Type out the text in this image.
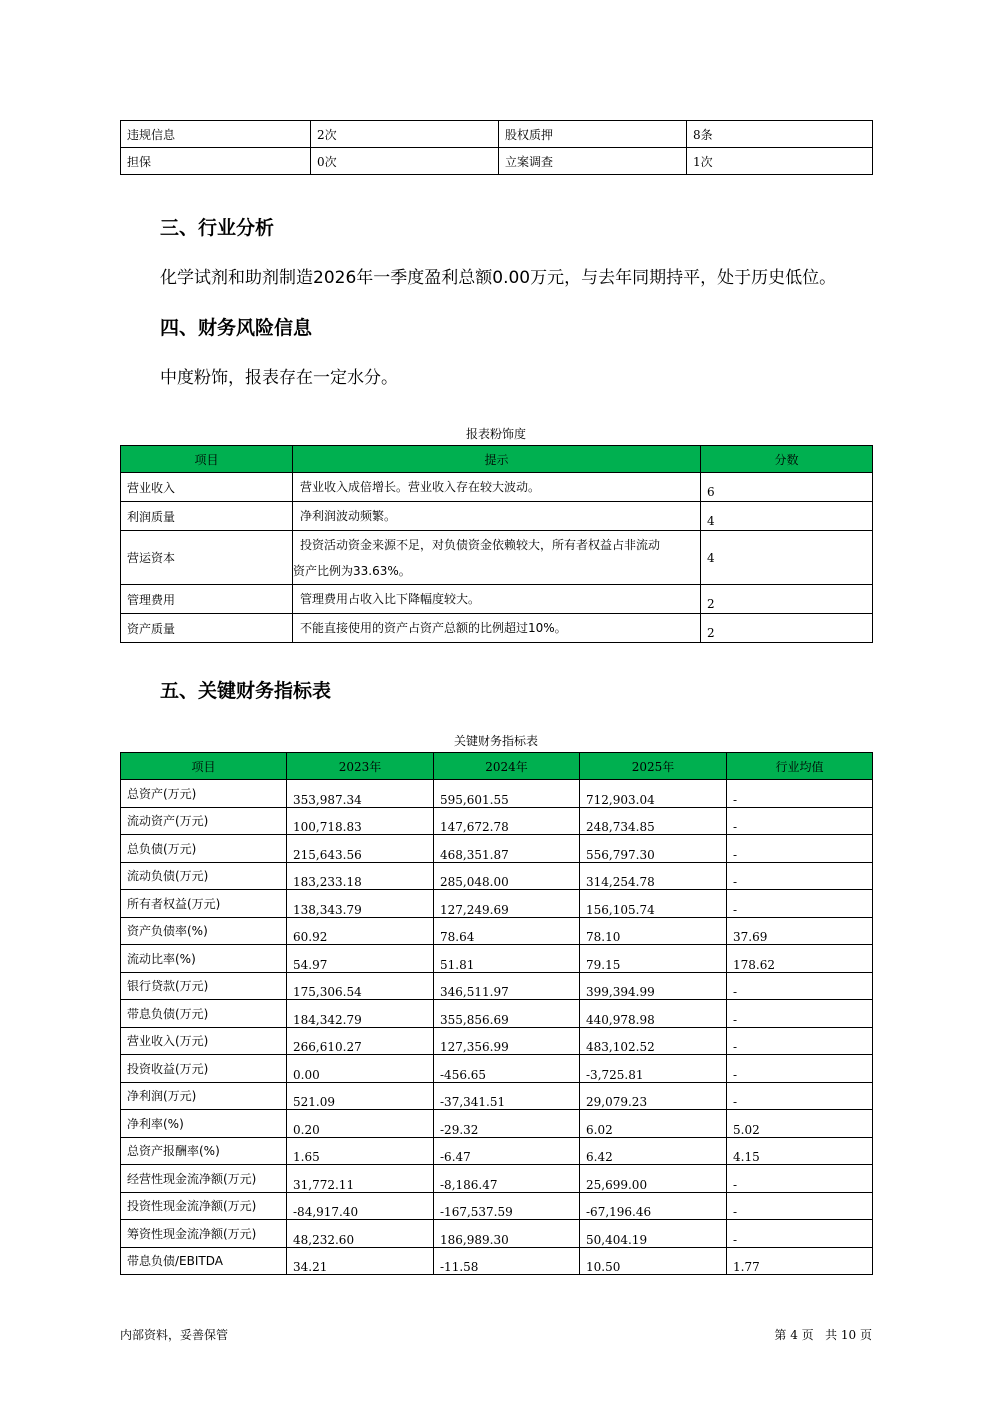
违规信息	2次	股权质押	8条
担保	0次	立案调查	1次
三、行业分析

化学试剂和助剂制造2026年一季度盈利总额0.00万元，与去年同期持平，处于历史低位。

四、财务风险信息

中度粉饰，报表存在一定水分。

报表粉饰度
项目	提示	分数
营业收入	营业收入成倍增长。营业收入存在较大波动。	6
利润质量	净利润波动频繁。	4
营运资本	投资活动资金来源不足，对负债资金依赖较大，所有者权益占非流动
资产比例为33.63%。	4
管理费用	管理费用占收入比下降幅度较大。	2
资产质量	不能直接使用的资产占资产总额的比例超过10%。	2
五、关键财务指标表
关键财务指标表
项目	2023年	2024年	2025年	行业均值
总资产(万元)	353,987.34	595,601.55	712,903.04	-
流动资产(万元)	100,718.83	147,672.78	248,734.85	-
总负债(万元)	215,643.56	468,351.87	556,797.30	-
流动负债(万元)	183,233.18	285,048.00	314,254.78	-
所有者权益(万元)	138,343.79	127,249.69	156,105.74	-
资产负债率(%)	60.92	78.64	78.10	37.69
流动比率(%)	54.97	51.81	79.15	178.62
银行贷款(万元)	175,306.54	346,511.97	399,394.99	-
带息负债(万元)	184,342.79	355,856.69	440,978.98	-
营业收入(万元)	266,610.27	127,356.99	483,102.52	-
投资收益(万元)	0.00	-456.65	-3,725.81	-
净利润(万元)	521.09	-37,341.51	29,079.23	-
净利率(%)	0.20	-29.32	6.02	5.02
总资产报酬率(%)	1.65	-6.47	6.42	4.15
经营性现金流净额(万元)	31,772.11	-8,186.47	25,699.00	-
投资性现金流净额(万元)	-84,917.40	-167,537.59	-67,196.46	-
筹资性现金流净额(万元)	48,232.60	186,989.30	50,404.19	-
带息负债/EBITDA	34.21	-11.58	10.50	1.77
内部资料，妥善保管	第 4 页   共 10 页
